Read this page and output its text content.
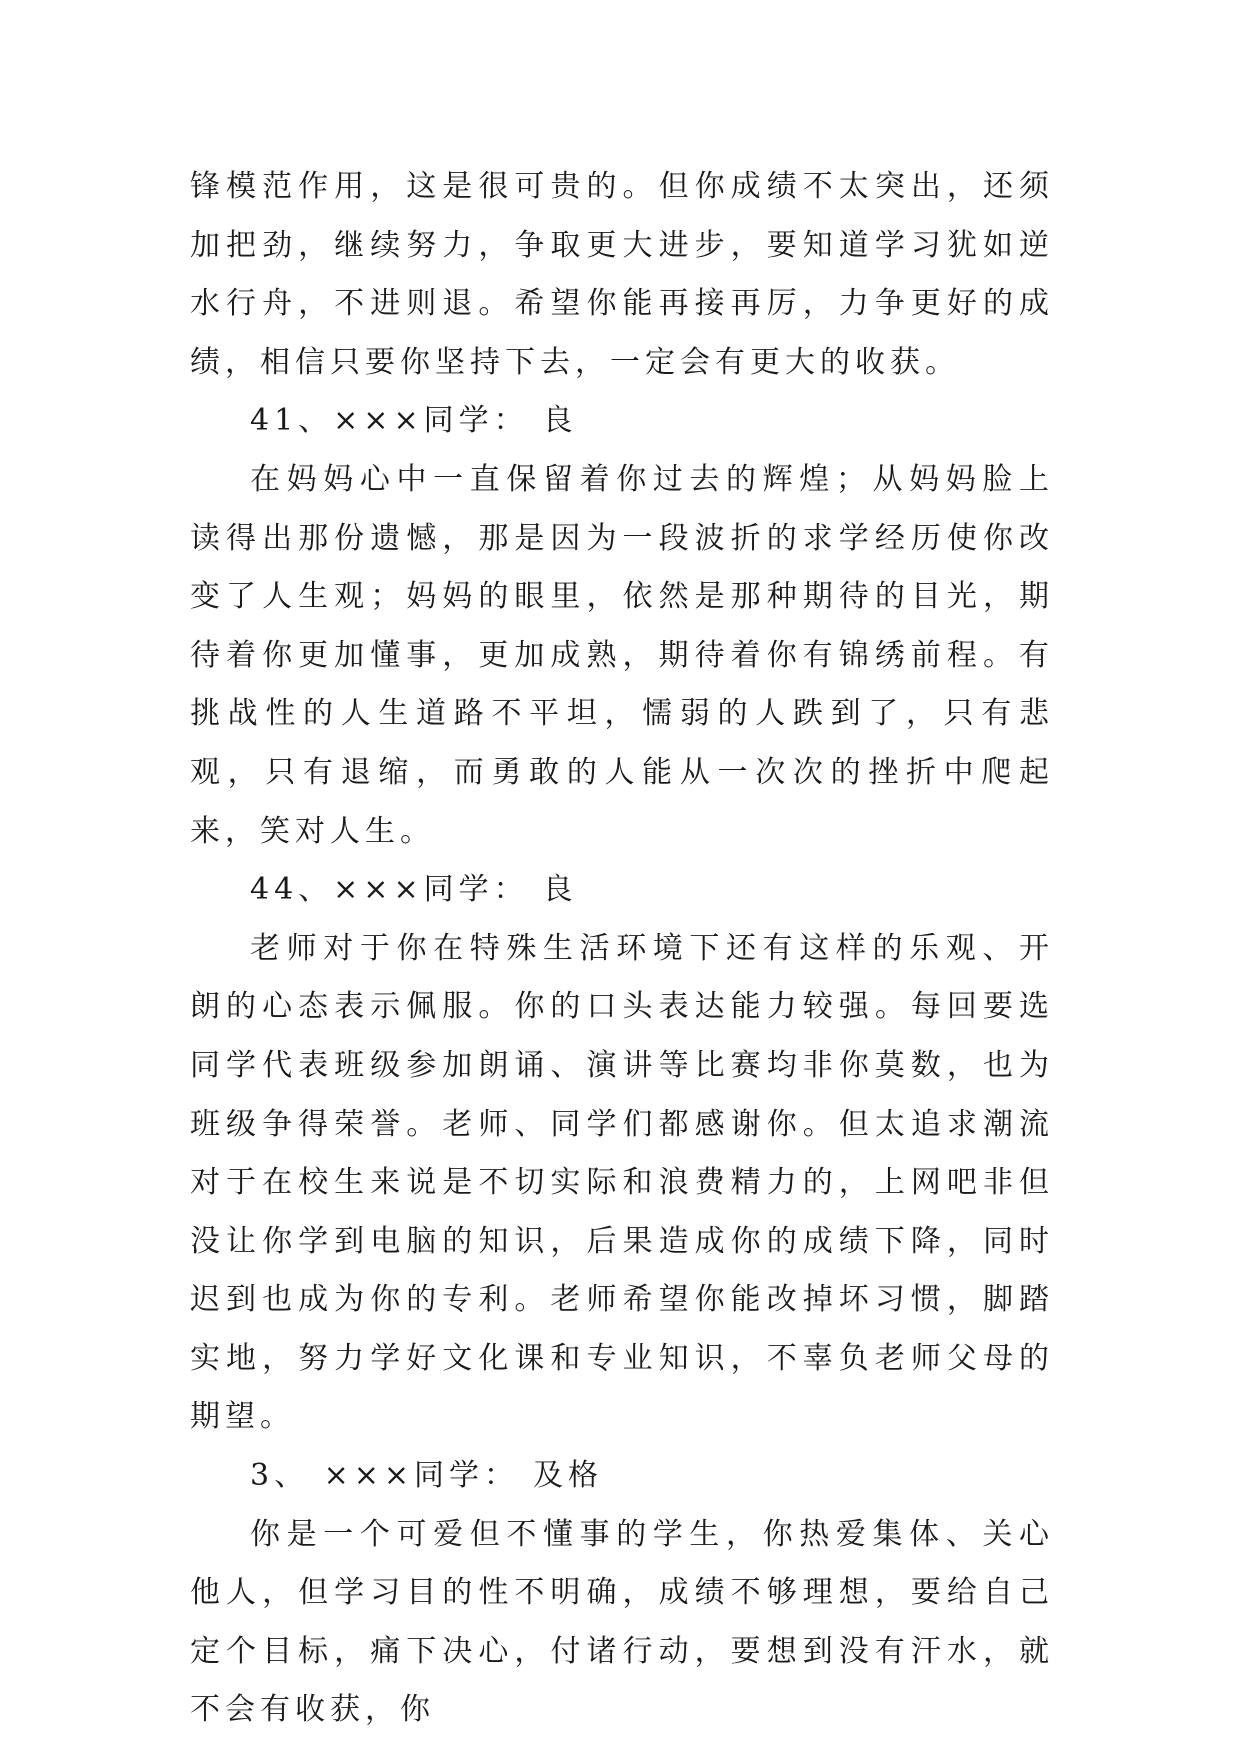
锋模范作用，这是很可贵的。但你成绩不太突出，还须加把劲，继续努力，争取更大进步，要知道学习犹如逆水行舟，不进则退。希望你能再接再厉，力争更好的成绩，相信只要你坚持下去，一定会有更大的收获。

41、×××同学： 良

在妈妈心中一直保留着你过去的辉煌；从妈妈脸上读得出那份遗憾，那是因为一段波折的求学经历使你改变了人生观；妈妈的眼里，依然是那种期待的目光，期待着你更加懂事，更加成熟，期待着你有锦绣前程。有挑战性的人生道路不平坦，懦弱的人跌到了，只有悲观，只有退缩，而勇敢的人能从一次次的挫折中爬起来，笑对人生。

44、×××同学： 良

老师对于你在特殊生活环境下还有这样的乐观、开朗的心态表示佩服。你的口头表达能力较强。每回要选同学代表班级参加朗诵、演讲等比赛均非你莫数，也为班级争得荣誉。老师、同学们都感谢你。但太追求潮流对于在校生来说是不切实际和浪费精力的，上网吧非但没让你学到电脑的知识，后果造成你的成绩下降，同时迟到也成为你的专利。老师希望你能改掉坏习惯，脚踏实地，努力学好文化课和专业知识，不辜负老师父母的期望。

3、 ×××同学： 及格

你是一个可爱但不懂事的学生，你热爱集体、关心他人，但学习目的性不明确，成绩不够理想，要给自己定个目标，痛下决心，付诸行动，要想到没有汗水，就不会有收获，你
